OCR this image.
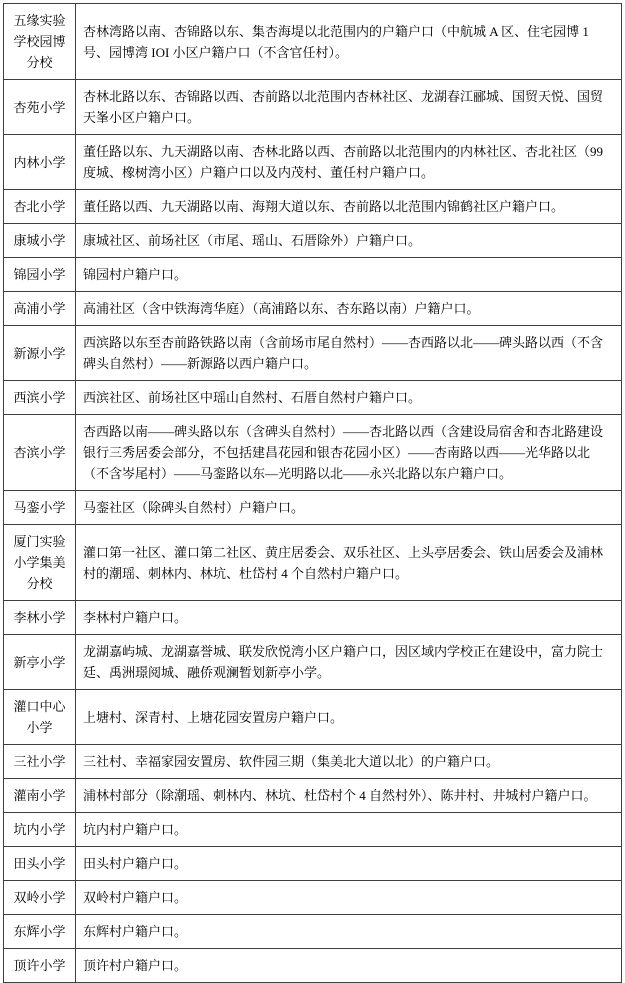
五缘实验学校园博分校	杏林湾路以南、杏锦路以东、集杏海堤以北范围内的户籍户口（中航城 A 区、住宅园博 1 号、园博湾 IOI 小区户籍户口（不含官任村）。
杏苑小学	杏林北路以东、杏锦路以西、杏前路以北范围内杏林社区、龙湖春江郦城、国贸天悦、国贸天峯小区户籍户口。
内林小学	董任路以东、九天湖路以南、杏林北路以西、杏前路以北范围内的内林社区、杏北社区（99 度城、橡树湾小区）户籍户口以及内茂村、董任村户籍户口。
杏北小学	董任路以西、九天湖路以南、海翔大道以东、杏前路以北范围内锦鹤社区户籍户口。
康城小学	康城社区、前场社区（市尾、瑶山、石厝除外）户籍户口。
锦园小学	锦园村户籍户口。
高浦小学	高浦社区（含中铁海湾华庭）（高浦路以东、杏东路以南）户籍户口。
新源小学	西滨路以东至杏前路铁路以南（含前场市尾自然村）——杏西路以北——碑头路以西（不含碑头自然村）——新源路以西户籍户口。
西滨小学	西滨社区、前场社区中瑶山自然村、石厝自然村户籍户口。
杏滨小学	杏西路以南——碑头路以东（含碑头自然村）——杏北路以西（含建设局宿舍和杏北路建设银行三秀居委会部分，不包括建昌花园和银杏花园小区）——杏南路以西——光华路以北（不含岑尾村）——马銮路以东—光明路以北——永兴北路以东户籍户口。
马銮小学	马銮社区（除碑头自然村）户籍户口。
厦门实验小学集美分校	灌口第一社区、灌口第二社区、黄庄居委会、双乐社区、上头亭居委会、铁山居委会及浦林村的潮瑶、刺林内、林坑、杜岱村 4 个自然村户籍户口。
李林小学	李林村户籍户口。
新亭小学	龙湖嘉屿城、龙湖嘉誉城、联发欣悦湾小区户籍户口，因区域内学校正在建设中，富力院士廷、禹洲璟阅城、融侨观澜暂划新亭小学。
灌口中心小学	上塘村、深青村、上塘花园安置房户籍户口。
三社小学	三社村、幸福家园安置房、软件园三期（集美北大道以北）的户籍户口。
灌南小学	浦林村部分（除潮瑶、刺林内、林坑、杜岱村个 4 自然村外）、陈井村、井城村户籍户口。
坑内小学	坑内村户籍户口。
田头小学	田头村户籍户口。
双岭小学	双岭村户籍户口。
东辉小学	东辉村户籍户口。
顶许小学	顶许村户籍户口。
